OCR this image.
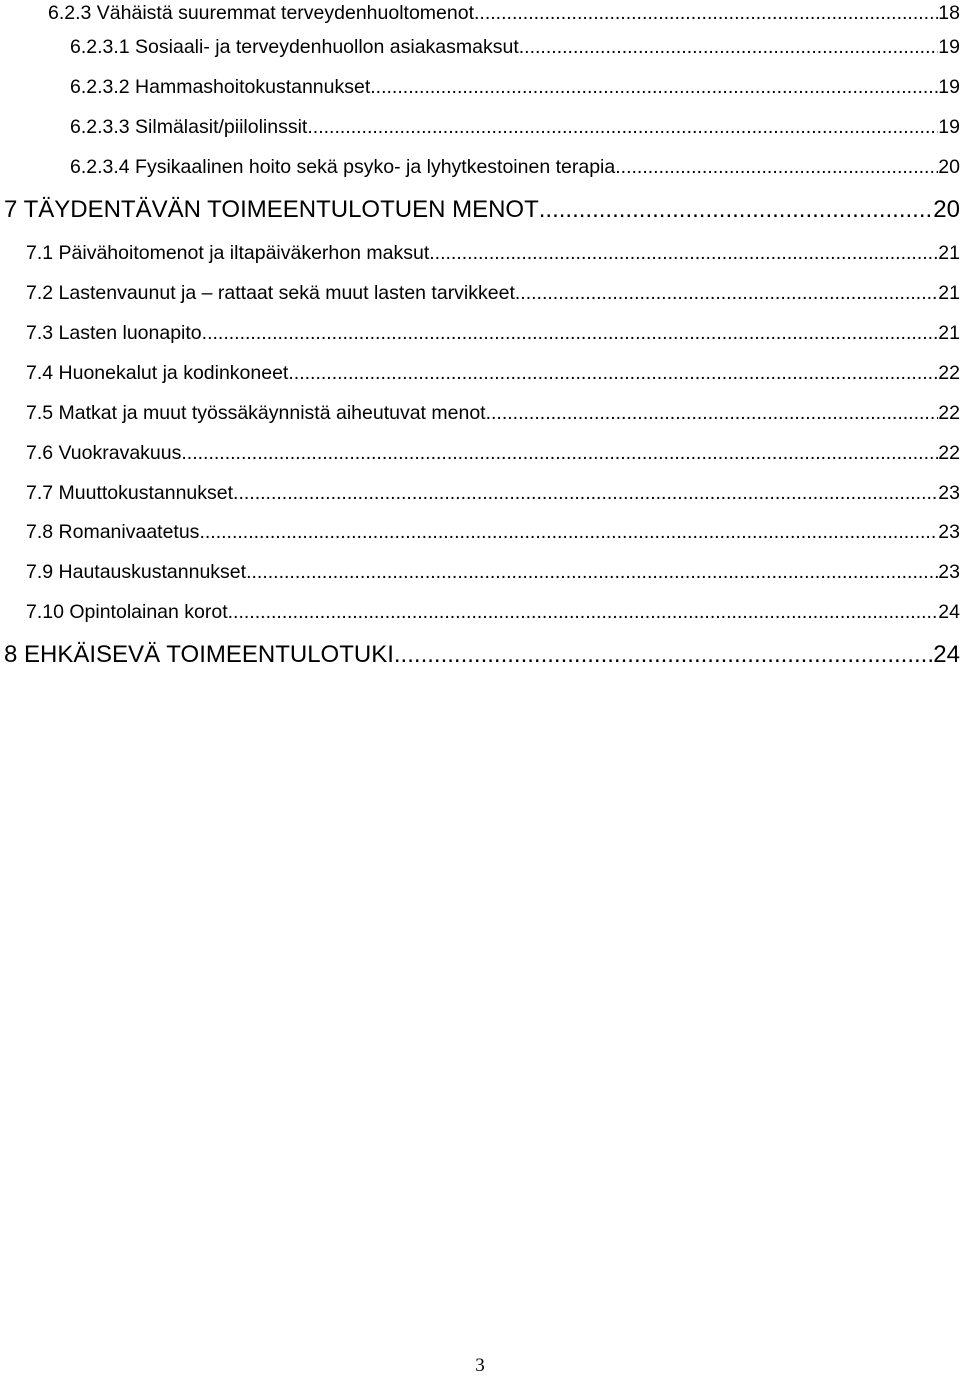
6.2.3 Vähäistä suuremmat terveydenhuoltomenot .....	18
6.2.3.1 Sosiaali- ja terveydenhuollon asiakasmaksut .....	19
6.2.3.2 Hammashoitokustannukset .....	19
6.2.3.3 Silmälasit/piilolinssit .....	19
6.2.3.4 Fysikaalinen hoito sekä psyko- ja lyhytkestoinen terapia .....	20
7 TÄYDENTÄVÄN TOIMEENTULOTUEN MENOT .....	20
7.1 Päivähoitomenot ja iltapäiväkerhon maksut .....	21
7.2 Lastenvaunut ja – rattaat sekä muut lasten tarvikkeet .....	21
7.3 Lasten luonapito .....	21
7.4 Huonekalut ja kodinkoneet .....	22
7.5 Matkat ja muut työssäkäynnistä aiheutuvat menot .....	22
7.6 Vuokravakuus .....	22
7.7 Muuttokustannukset .....	23
7.8 Romanivaatetus .....	23
7.9 Hautauskustannukset .....	23
7.10 Opintolainan korot .....	24
8 EHKÄISEVÄ TOIMEENTULOTUKI .....	24
3
